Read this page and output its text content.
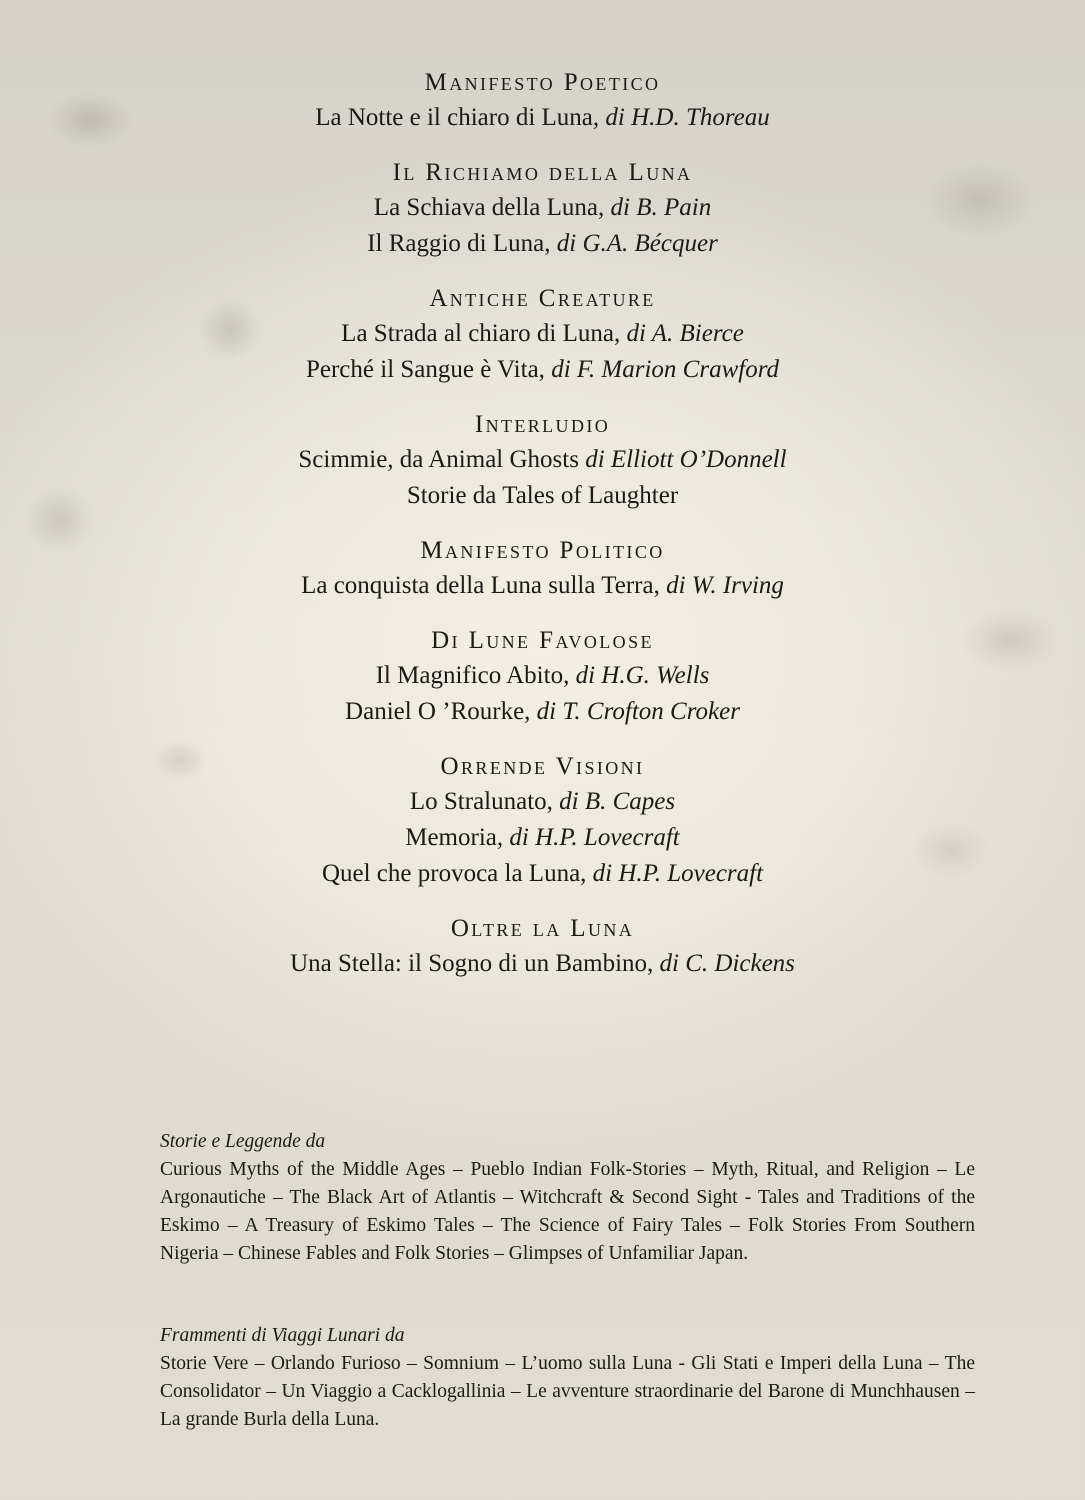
Manifesto Poetico

La Notte e il chiaro di Luna, di H.D. Thoreau

Il Richiamo della Luna

La Schiava della Luna, di B. Pain

Il Raggio di Luna, di G.A. Bécquer

Antiche Creature

La Strada al chiaro di Luna, di A. Bierce

Perché il Sangue è Vita, di F. Marion Crawford

Interludio

Scimmie, da Animal Ghosts di Elliott O’Donnell

Storie da Tales of Laughter

Manifesto Politico

La conquista della Luna sulla Terra, di W. Irving

Di Lune Favolose

Il Magnifico Abito, di H.G. Wells

Daniel O ’Rourke, di T. Crofton Croker

Orrende Visioni

Lo Stralunato, di B. Capes

Memoria, di H.P. Lovecraft

Quel che provoca la Luna, di H.P. Lovecraft

Oltre la Luna

Una Stella: il Sogno di un Bambino, di C. Dickens

Storie e Leggende da
Curious Myths of the Middle Ages – Pueblo Indian Folk-Stories – Myth, Ritual, and Religion – Le Argonautiche – The Black Art of Atlantis – Witchcraft & Second Sight - Tales and Traditions of the Eskimo – A Treasury of Eskimo Tales – The Science of Fairy Tales – Folk Stories From Southern Nigeria – Chinese Fables and Folk Stories – Glimpses of Unfamiliar Japan.
Frammenti di Viaggi Lunari da
Storie Vere – Orlando Furioso – Somnium – L’uomo sulla Luna - Gli Stati e Imperi della Luna – The Consolidator – Un Viaggio a Cacklogallinia – Le avventure straordinarie del Barone di Munchhausen – La grande Burla della Luna.
